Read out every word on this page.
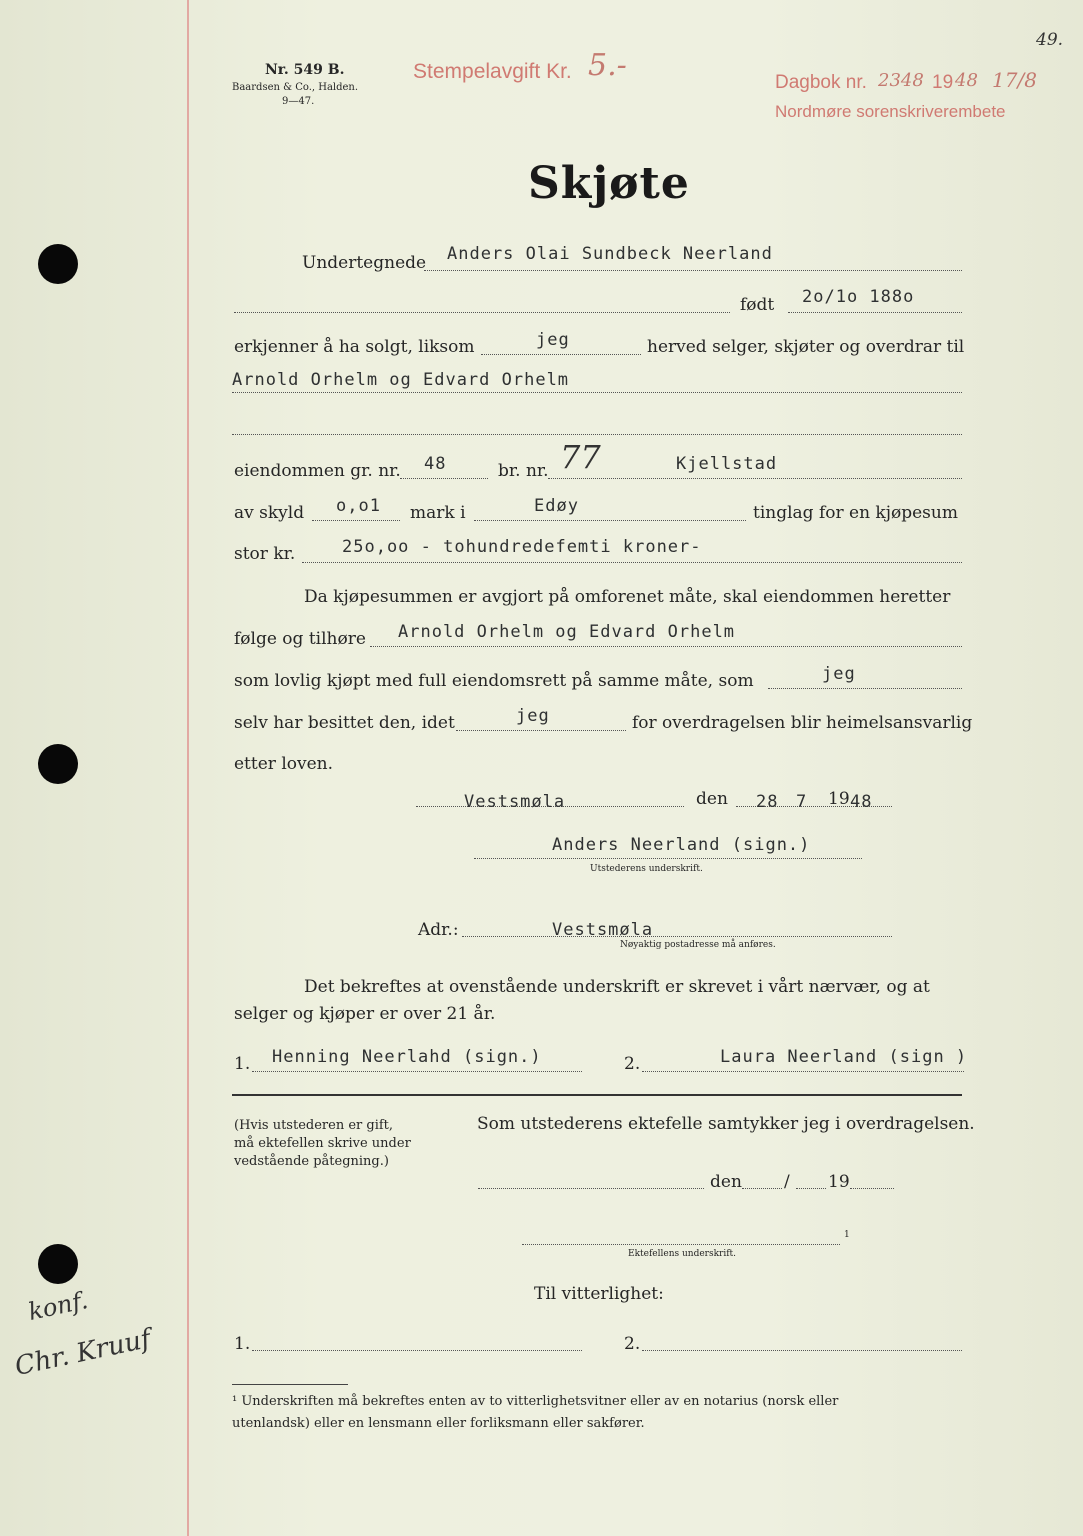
Nr. 549 B.
Baardsen & Co., Halden.
9—47.
Stempelavgift Kr. 5.-	Dagbok nr. 2348 19 48 17/8
Nordmøre sorenskriverembete
49.
Skjøte
Undertegnede Anders Olai Sundbeck Neerland
født 2o/1o 188o
erkjenner å ha solgt, liksom	jeg	herved selger, skjøter og overdrar til
Arnold Orhelm og Edvard Orhelm
eiendommen gr. nr. 48	br. nr. 77	Kjellstad
av skyld o,o1 mark i	Edøy	tinglag for en kjøpesum
stor kr.	25o,oo - tohundredefemti kroner-
Da kjøpesummen er avgjort på omforenet måte, skal eiendommen heretter
følge og tilhøre Arnold Orhelm og Edvard Orhelm
som lovlig kjøpt med full eiendomsrett på samme måte, som	jeg
selv har besittet den, idet	jeg	for overdragelsen blir heimelsansvarlig
etter loven.
Vestsmøla	den 28 7 19 48
Anders Neerland (sign.)
Utstederens underskrift.
Adr.:	Vestsmøla
Nøyaktig postadresse må anføres.
Det bekreftes at ovenstående underskrift er skrevet i vårt nærvær, og at
selger og kjøper er over 21 år.
1. Henning Neerlahd (sign.)	2.	Laura Neerland (sign )
(Hvis utstederen er gift,
må ektefellen skrive under
vedstående påtegning.)
Som utstederens ektefelle samtykker jeg i overdragelsen.
den / 19
1
Ektefellens underskrift.
Til vitterlighet:
1.	2.
¹ Underskriften må bekreftes enten av to vitterlighetsvitner eller av en notarius (norsk eller
utenlandsk) eller en lensmann eller forliksmann eller sakfører.
konf.
Chr. Kruuf
